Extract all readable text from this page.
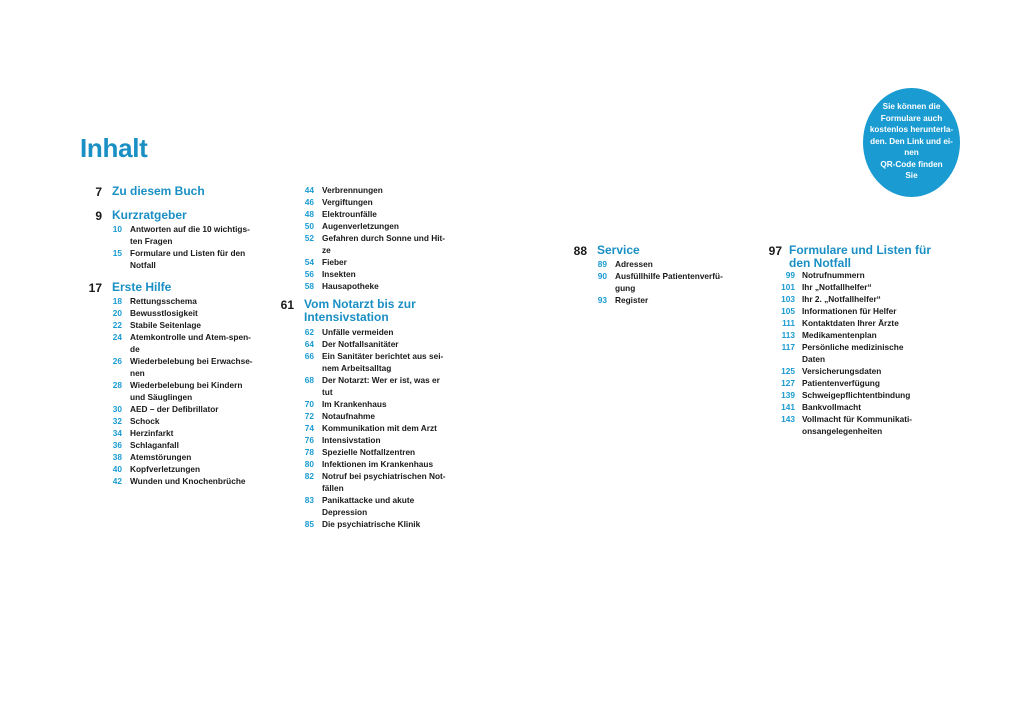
Inhalt
Sie können die
Formulare auch
kostenlos herunterla-
den. Den Link und ei-
nen
QR-Code finden
Sie
7 Zu diesem Buch
9 Kurzratgeber
10 Antworten auf die 10 wichtigs-
ten Fragen
15 Formulare und Listen für den
Notfall
17 Erste Hilfe
18 Rettungsschema
20 Bewusstlosigkeit
22 Stabile Seitenlage
24 Atemkontrolle und Atem-spen-
de
26 Wiederbelebung bei Erwachse-
nen
28 Wiederbelebung bei Kindern
und Säuglingen
30 AED – der Defibrillator
32 Schock
34 Herzinfarkt
36 Schlaganfall
38 Atemstörungen
40 Kopfverletzungen
42 Wunden und Knochenbrüche
44 Verbrennungen
46 Vergiftungen
48 Elektrounfälle
50 Augenverletzungen
52 Gefahren durch Sonne und Hit-
ze
54 Fieber
56 Insekten
58 Hausapotheke
61 Vom Notarzt bis zur
Intensivstation
62 Unfälle vermeiden
64 Der Notfallsanitäter
66 Ein Sanitäter berichtet aus sei-
nem Arbeitsalltag
68 Der Notarzt: Wer er ist, was er
tut
70 Im Krankenhaus
72 Notaufnahme
74 Kommunikation mit dem Arzt
76 Intensivstation
78 Spezielle Notfallzentren
80 Infektionen im Krankenhaus
82 Notruf bei psychiatrischen Not-
fällen
83 Panikattacke und akute
Depression
85 Die psychiatrische Klinik
88 Service
89 Adressen
90 Ausfüllhilfe Patientenverfü-
gung
93 Register
97 Formulare und Listen für
den Notfall
99 Notrufnummern
101 Ihr „Notfallhelfer“
103 Ihr 2. „Notfallhelfer“
105 Informationen für Helfer
111 Kontaktdaten Ihrer Ärzte
113 Medikamentenplan
117 Persönliche medizinische
Daten
125 Versicherungsdaten
127 Patientenverfügung
139 Schweigepflichtentbindung
141 Bankvollmacht
143 Vollmacht für Kommunikati-
onsangelegenheiten
